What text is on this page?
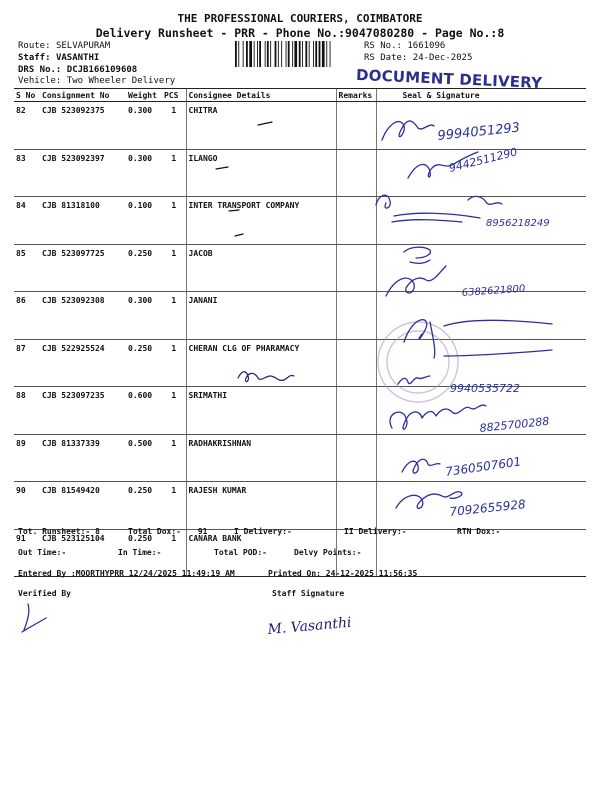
THE PROFESSIONAL COURIERS, COIMBATORE
Delivery Runsheet - PRR - Phone No.:9047080280 - Page No.:8
Route: SELVAPURAM
Staff: VASANTHI
DRS No.: DCJB166109608
Vehicle: Two Wheeler Delivery
RS No.: 1661096
RS Date: 24-Dec-2025
DOCUMENT DELIVERY
S No	Consignment No	Weight	PCS	Consignee Details	Remarks	Seal & Signature
82	CJB 523092375	0.300	1	CHITRA		
83	CJB 523092397	0.300	1	ILANGO		
84	CJB 81318100	0.100	1	INTER TRANSPORT COMPANY		
85	CJB 523097725	0.250	1	JACOB		
86	CJB 523092308	0.300	1	JANANI		
87	CJB 522925524	0.250	1	CHERAN CLG OF PHARAMACY		
88	CJB 523097235	0.600	1	SRIMATHI		
89	CJB 81337339	0.500	1	RADHAKRISHNAN		
90	CJB 81549420	0.250	1	RAJESH KUMAR		
91	CJB 523125104	0.250	1	CANARA BANK		
Tot. Runsheet:- 8	Total Dox:- 91	I Delivery:-	II Delivery:-	RTN Dox:-
Out Time:-	In Time:-	Total POD:-	Delvy Points:-
Entered By :MOORTHYPRR 12/24/2025 11:49:19 AM	Printed On: 24-12-2025 11:56:35
Verified By	Staff Signature
9994051293
9442511290
8956218249
6382621800
9940535722
8825700288
7360507601
7092655928
M. Vasanthi
